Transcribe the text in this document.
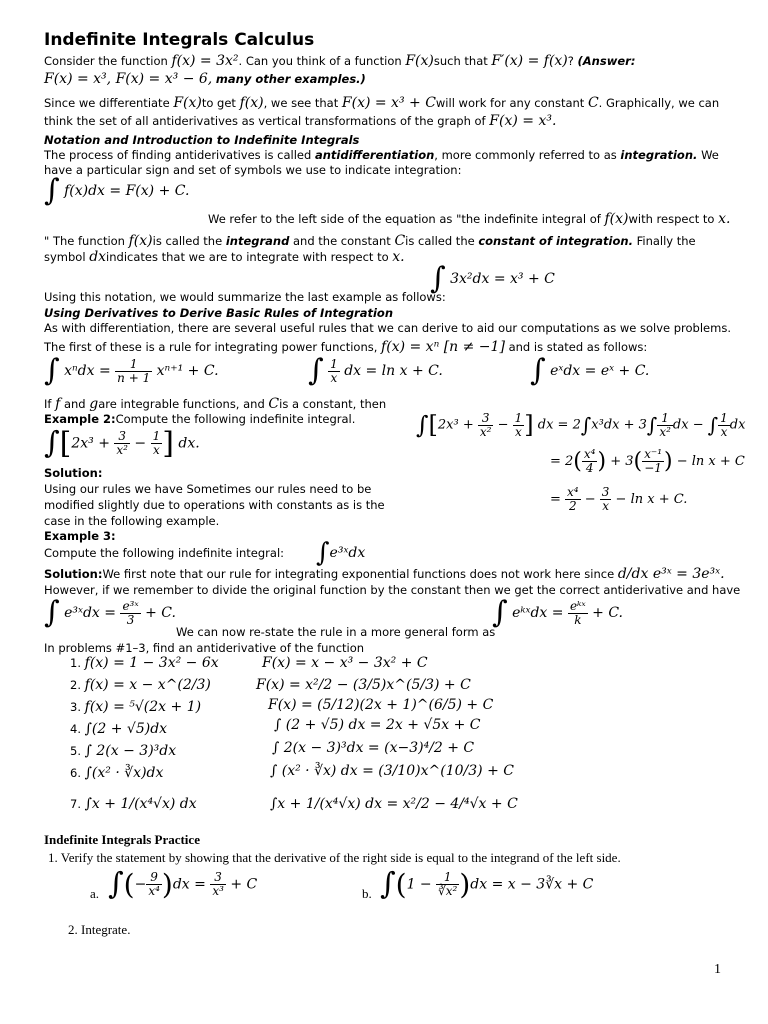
Indefinite Integrals Calculus
Consider the function f(x) = 3x². Can you think of a function F(x)such that F′(x) = f(x)? (Answer:
F(x) = x³, F(x) = x³ − 6, many other examples.)
Since we differentiate F(x)to get f(x), we see that F(x) = x³ + Cwill work for any constant C. Graphically, we can
think the set of all antiderivatives as vertical transformations of the graph of F(x) = x³.
Notation and Introduction to Indefinite Integrals
The process of finding antiderivatives is called antidifferentiation, more commonly referred to as integration. We
have a particular sign and set of symbols we use to indicate integration:
∫ f(x)dx = F(x) + C.
We refer to the left side of the equation as "the indefinite integral of f(x)with respect to x.
" The function f(x)is called the integrand and the constant Cis called the constant of integration. Finally the
symbol dxindicates that we are to integrate with respect to x.
Using this notation, we would summarize the last example as follows:
∫ 3x²dx = x³ + C
Using Derivatives to Derive Basic Rules of Integration
As with differentiation, there are several useful rules that we can derive to aid our computations as we solve problems.
The first of these is a rule for integrating power functions, f(x) = xⁿ [n ≠ −1] and is stated as follows:
∫ $x^ndx = \frac{1}{n + 1} x^{n+1} + C$.	∫ $\frac{1}{x}$ dx = ln x + C.	∫ eˣdx = eˣ + C.
If f and gare integrable functions, and Cis a constant, then
Example 2:Compute the following indefinite integral.
$\int[2x^3 + \frac{3}{\text{x²}} - \frac{1}{x}$ ] dx.
Solution:
Using our rules we have Sometimes our rules need to be
modified slightly due to operations with constants as is the
case in the following example.
$\int[2x^3 + \frac{3}{\text{x²}} - \frac{1}{x}$ ] dx = $2\int x^3dx + 3\int \frac{1}{\text{x²}}$ dx − ∫ $\frac{1}{x}$ dx
= $2( \frac{\text{x⁴}}{4}$ ) + $3( \frac{\text{x⁻¹}}{-1}$ ) − ln x + C
= $\frac{\text{x⁴}}{2} - \frac{3}{x} - \ln x + C$.
Example 3:
Compute the following indefinite integral: ∫e³ˣdx
Solution:We first note that our rule for integrating exponential functions does not work here since d/dx e³ˣ = 3e³ˣ.
However, if we remember to divide the original function by the constant then we get the correct antiderivative and have
∫ e³ˣdx = $\frac{\text{e³ˣ}}{3} + C$.
We can now re-state the rule in a more general form as
∫ eᵏˣdx = $\frac{\text{eᵏˣ}}{k} + C$.
In problems #1–3, find an antiderivative of the function
1. f(x) = 1 − 3x² − 6x	F(x) = x − x³ − 3x² + C
2. f(x) = x − x^(2/3)	F(x) = x²/2 − (3/5)x^(5/3) + C
3. f(x) = ⁵√(2x + 1)	F(x) = (5/12)(2x + 1)^(6/5) + C
4. ∫(2 + √5)dx	∫ (2 + √5) dx = 2x + √5x + C
5. ∫ 2(x − 3)³dx	∫ 2(x − 3)³dx = (x−3)⁴/2 + C
6. ∫(x² · ∛x)dx	∫ (x² · ∛x) dx = (3/10)x^(10/3) + C
7. ∫x + 1/(x⁴√x) dx	∫x + 1/(x⁴√x) dx = x²/2 − 4/⁴√x + C
Indefinite Integrals Practice
1. Verify the statement by showing that the derivative of the right side is equal to the integrand of the left side.
a. ∫(− $\frac{9}{\text{x⁴}} )dx = \frac{3}{\text{x³}} + C$
b. $\int(1 - \frac{1}{\text{∛x²}} )dx = x$ − 3∛x + C
2. Integrate.
1
